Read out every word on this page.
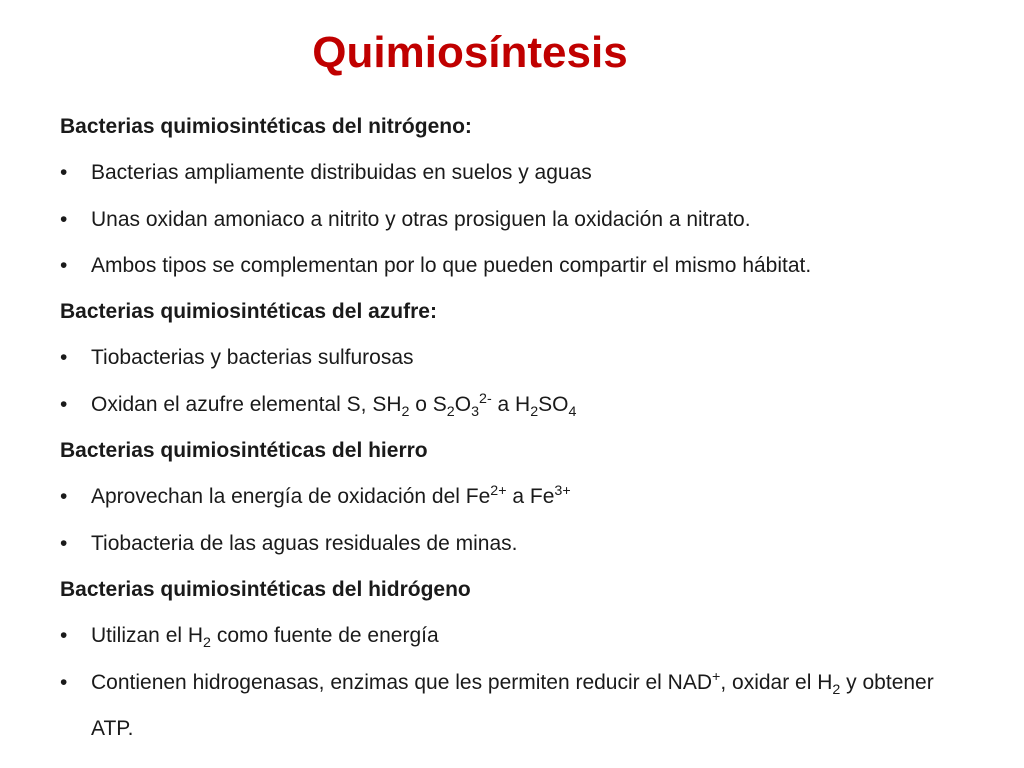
Quimiosíntesis

Bacterias quimiosintéticas del nitrógeno:

• Bacterias ampliamente distribuidas en suelos y aguas

• Unas oxidan amoniaco a nitrito y otras prosiguen la oxidación a nitrato.

• Ambos tipos se complementan por lo que pueden compartir el mismo hábitat.

Bacterias quimiosintéticas del azufre:

• Tiobacterias y bacterias sulfurosas

• Oxidan el azufre elemental S, $SH_2$ o $S_2O_3^{2-}$ a $H_2SO_4$

Bacterias quimiosintéticas del hierro

• Aprovechan la energía de oxidación del $Fe^{2+}$ a $Fe^{3+}$

• Tiobacteria de las aguas residuales de minas.

Bacterias quimiosintéticas del hidrógeno

• Utilizan el $H_2$ como fuente de energía

• Contienen hidrogenasas, enzimas que les permiten reducir el NAD+, oxidar el $H_2$ y obtener ATP.
